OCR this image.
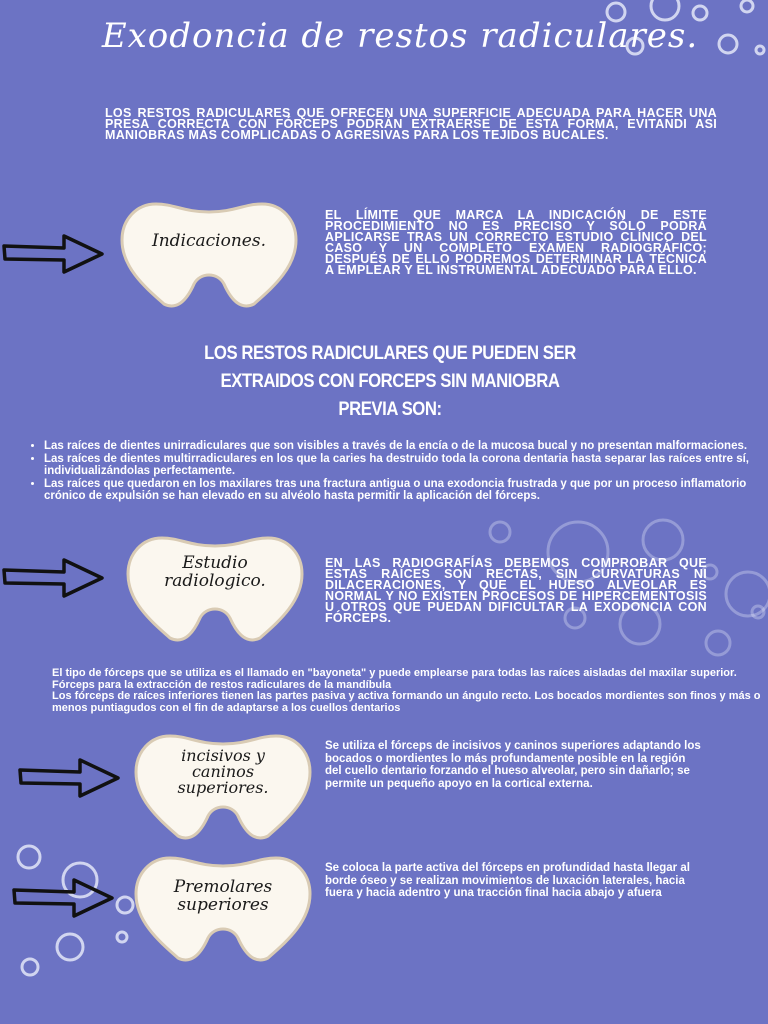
Exodoncia de restos radiculares.
LOS RESTOS RADICULARES QUE OFRECEN UNA SUPERFICIE ADECUADA PARA HACER UNA PRESA CORRECTA CON FÓRCEPS PODRÁN EXTRAERSE DE ESTA FORMA, EVITANDI ASI MANIOBRAS MÁS COMPLICADAS O AGRESIVAS PARA LOS TEJIDOS BUCALES.
Indicaciones.
EL LÍMITE QUE MARCA LA INDICACIÓN DE ESTE PROCEDIMIENTO NO ES PRECISO Y SÓLO PODRÁ APLICARSE TRAS UN CORRECTO ESTUDIO CLÍNICO DEL CASO Y UN COMPLETO EXAMEN RADIOGRÁFICO; DESPUÉS DE ELLO PODREMOS DETERMINAR LA TÉCNICA A EMPLEAR Y EL INSTRUMENTAL ADECUADO PARA ELLO.
LOS RESTOS RADICULARES QUE PUEDEN SER
EXTRAIDOS CON FORCEPS SIN MANIOBRA
PREVIA SON:
• Las raíces de dientes unirradiculares que son visibles a través de la encía o de la mucosa bucal y no presentan malformaciones.
• Las raíces de dientes multirradiculares en los que la caries ha destruido toda la corona dentaria hasta separar las raíces entre sí, individualizándolas perfectamente.
• Las raíces que quedaron en los maxilares tras una fractura antigua o una exodoncia frustrada y que por un proceso inflamatorio crónico de expulsión se han elevado en su alvéolo hasta permitir la aplicación del fórceps.
Estudio
radiologico.
EN LAS RADIOGRAFÍAS DEBEMOS COMPROBAR QUE ESTAS RAÍCES SON RECTAS, SIN CURVATURAS NI DILACERACIONES, Y QUE EL HUESO ALVEOLAR ES NORMAL Y NO EXISTEN PROCESOS DE HIPERCEMENTOSIS U OTROS QUE PUEDAN DIFICULTAR LA EXODONCIA CON FÓRCEPS.
El tipo de fórceps que se utiliza es el llamado en "bayoneta" y puede emplearse para todas las raíces aisladas del maxilar superior.
Fórceps para la extracción de restos radiculares de la mandíbula
Los fórceps de raíces inferiores tienen las partes pasiva y activa formando un ángulo recto. Los bocados mordientes son finos y más o menos puntiagudos con el fin de adaptarse a los cuellos dentarios
incisivos y
caninos
superiores.
Se utiliza el fórceps de incisivos y caninos superiores adaptando los bocados o mordientes lo más profundamente posible en la región del cuello dentario forzando el hueso alveolar, pero sin dañarlo; se permite un pequeño apoyo en la cortical externa.
Premolares
superiores
Se coloca la parte activa del fórceps en profundidad hasta llegar al borde óseo y se realizan movimientos de luxación laterales, hacia fuera y hacia adentro y una tracción final hacia abajo y afuera
